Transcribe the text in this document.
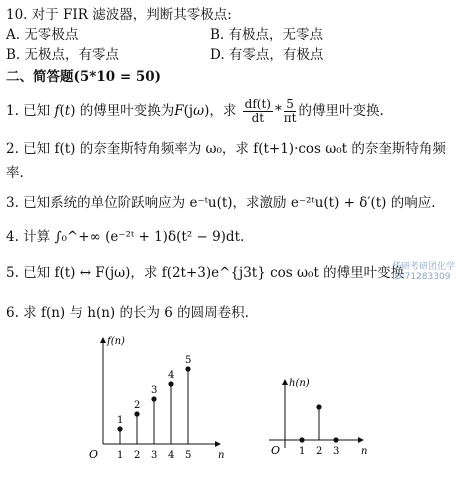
10. 对于 FIR 滤波器，判断其零极点:
A. 无零极点	B. 有极点，无零点
B. 无极点，有零点	D. 有零点，有极点
二、简答题(5*10 = 50)
1. 已知 f(t) 的傅里叶变换为F(jω)，求 $\frac{df(t)}{dt} * \frac{5}{\pi t}$ 的傅里叶变换.
2. 已知 f(t) 的奈奎斯特角频率为 ω₀，求 f(t+1)·cos ω₀t 的奈奎斯特角频
率.
3. 已知系统的单位阶跃响应为 e⁻ᵗu(t)，求激励 e⁻²ᵗu(t) + δ′(t) 的响应.
4. 计算 ∫₀^+∞ (e⁻²ᵗ + 1)δ(t² − 9)dt.
5. 已知 f(t) ↔ F(jω)，求 f(2t+3)e^{j3t} cos ω₀t 的傅里叶变换
华研考研团化学
ID:71283309
6. 求 f(n) 与 h(n) 的长为 6 的圆周卷积.
f(n)
n
O 1
1
2
2
3
3
4
4
5
5
h(n)
n
O 1 2 3
